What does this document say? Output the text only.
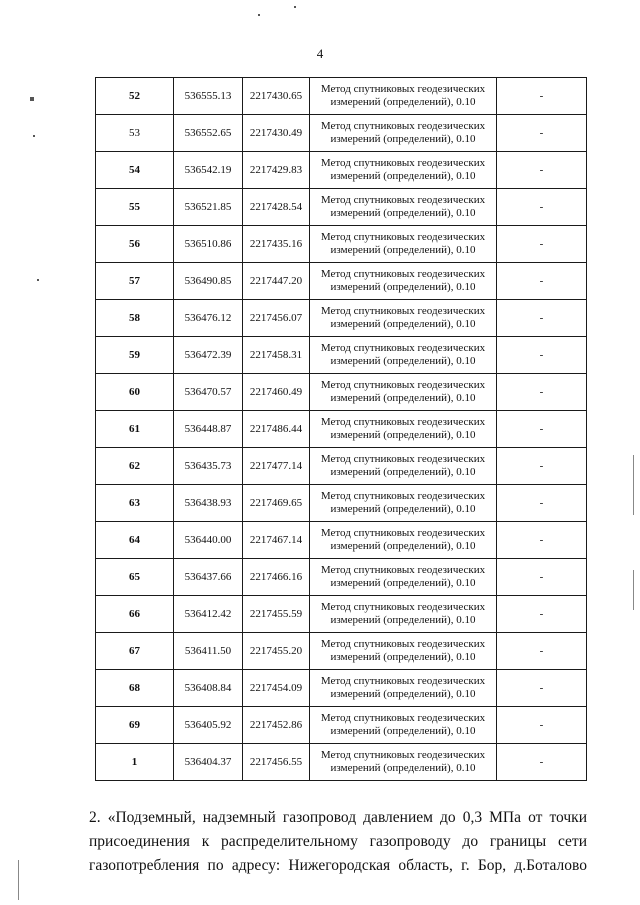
4
52	536555.13	2217430.65	Метод спутниковых геодезических
измерений (определений), 0.10	-
53	536552.65	2217430.49	Метод спутниковых геодезических
измерений (определений), 0.10	-
54	536542.19	2217429.83	Метод спутниковых геодезических
измерений (определений), 0.10	-
55	536521.85	2217428.54	Метод спутниковых геодезических
измерений (определений), 0.10	-
56	536510.86	2217435.16	Метод спутниковых геодезических
измерений (определений), 0.10	-
57	536490.85	2217447.20	Метод спутниковых геодезических
измерений (определений), 0.10	-
58	536476.12	2217456.07	Метод спутниковых геодезических
измерений (определений), 0.10	-
59	536472.39	2217458.31	Метод спутниковых геодезических
измерений (определений), 0.10	-
60	536470.57	2217460.49	Метод спутниковых геодезических
измерений (определений), 0.10	-
61	536448.87	2217486.44	Метод спутниковых геодезических
измерений (определений), 0.10	-
62	536435.73	2217477.14	Метод спутниковых геодезических
измерений (определений), 0.10	-
63	536438.93	2217469.65	Метод спутниковых геодезических
измерений (определений), 0.10	-
64	536440.00	2217467.14	Метод спутниковых геодезических
измерений (определений), 0.10	-
65	536437.66	2217466.16	Метод спутниковых геодезических
измерений (определений), 0.10	-
66	536412.42	2217455.59	Метод спутниковых геодезических
измерений (определений), 0.10	-
67	536411.50	2217455.20	Метод спутниковых геодезических
измерений (определений), 0.10	-
68	536408.84	2217454.09	Метод спутниковых геодезических
измерений (определений), 0.10	-
69	536405.92	2217452.86	Метод спутниковых геодезических
измерений (определений), 0.10	-
1	536404.37	2217456.55	Метод спутниковых геодезических
измерений (определений), 0.10	-
2. «Подземный, надземный газопровод давлением до 0,3 МПа от точки
присоединения к распределительному газопроводу до границы сети
газопотребления по адресу: Нижегородская область, г. Бор, д.Боталово
